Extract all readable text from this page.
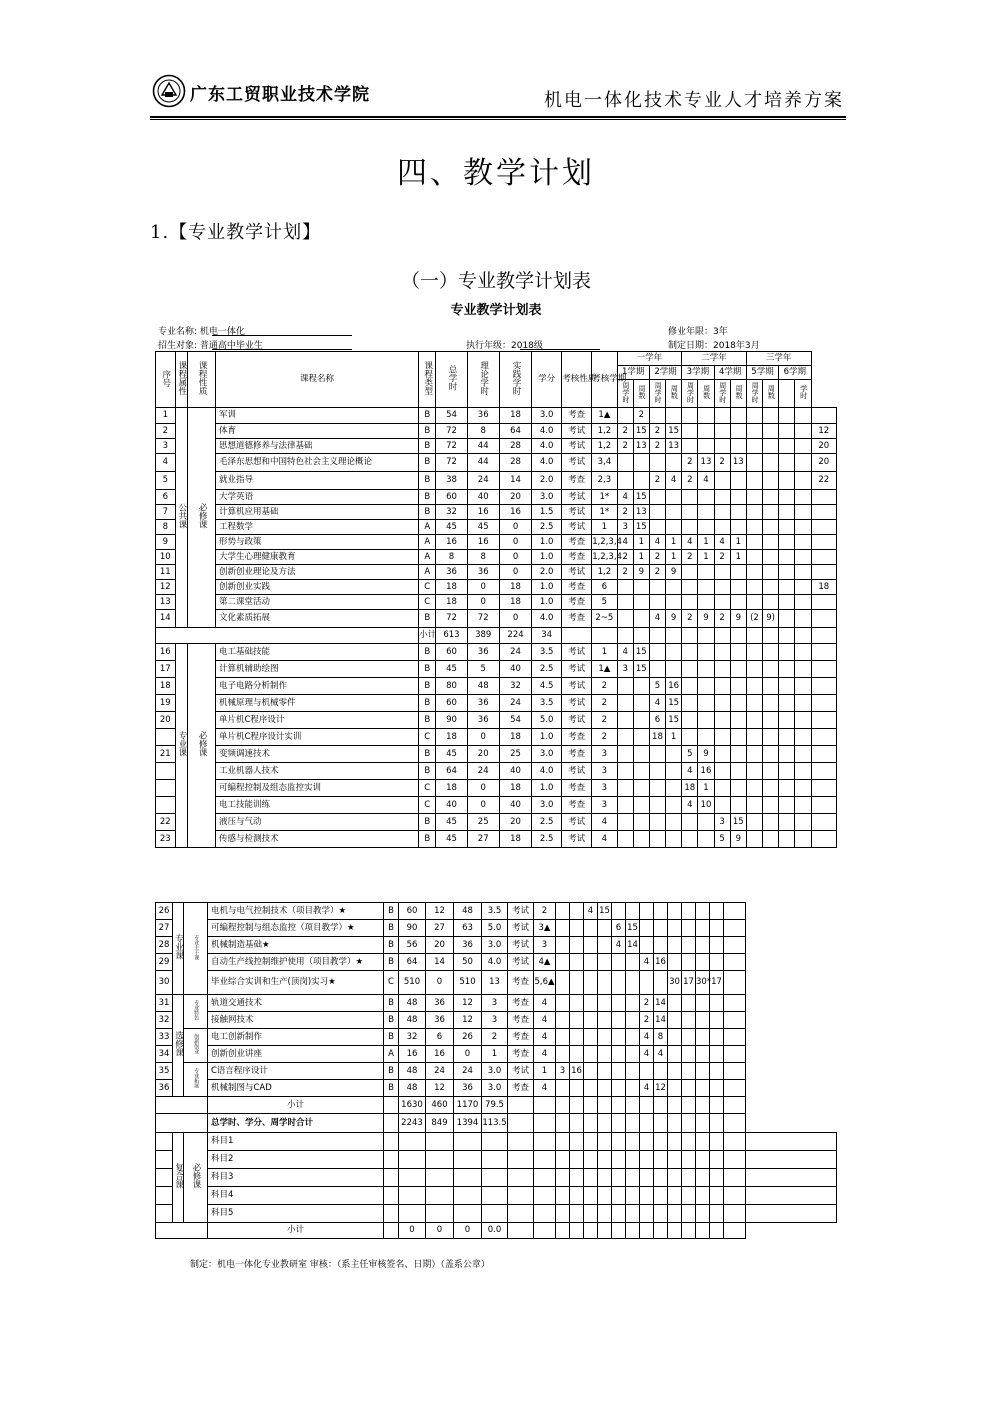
广东工贸职业技术学院	机电一体化技术专业人才培养方案
四、教学计划
1.【专业教学计划】
（一）专业教学计划表
专业教学计划表
专业名称: 机电一体化	修业年限：3年
招生对象: 普通高中毕业生	执行年级：2018级	制定日期：2018年3月
序号	课程属性	课程性质	课程名称	课程类型	总学时	理论学时	实践学时	学分	考核性质	考核学期	一学年				二学年				三学年				
											1学期		2学期		3学期		4学期		5学期		6学期		
											周学时	周数	周学时	周数	周学时	周数	周学时	周数	周学时	周数		学时	
1	公共课	必修课	军训	B	54	36	18	3.0	考查	1▲		2											
2			体育	B	72	8	64	4.0	考试	1,2	2	15	2	15									12
3			思想道德修养与法律基础	B	72	44	28	4.0	考试	1,2	2	13	2	13									20
4			毛泽东思想和中国特色社会主义理论概论	B	72	44	28	4.0	考试	3,4					2	13	2	13					20
5			就业指导	B	38	24	14	2.0	考查	2,3			2	4	2	4							22
6			大学英语	B	60	40	20	3.0	考试	1*	4	15											
7			计算机应用基础	B	32	16	16	1.5	考试	1*	2	13											
8			工程数学	A	45	45	0	2.5	考试	1	3	15											
9			形势与政策	A	16	16	0	1.0	考查	1,2,3,4	4	1	4	1	4	1	4	1					
10			大学生心理健康教育	A	8	8	0	1.0	考查	1,2,3,4	2	1	2	1	2	1	2	1					
11			创新创业理论及方法	A	36	36	0	2.0	考试	1,2	2	9	2	9									
12			创新创业实践	C	18	0	18	1.0	考查	6													18
13			第二课堂活动	C	18	0	18	1.0	考查	5													
14			文化素质拓展	B	72	72	0	4.0	考查	2~5			4	9	2	9	2	9	(2	9)			
				小计	613	389	224	34															
16	专业课	必修课	电工基础技能	B	60	36	24	3.5	考试	1	4	15											
17			计算机辅助绘图	B	45	5	40	2.5	考试	1▲	3	15											
18			电子电路分析制作	B	80	48	32	4.5	考试	2			5	16									
19			机械原理与机械零件	B	60	36	24	3.5	考试	2			4	15									
20			单片机C程序设计	B	90	36	54	5.0	考试	2			6	15									
			单片机C程序设计实训	C	18	0	18	1.0	考查	2			18	1									
21			变频调速技术	B	45	20	25	3.0	考查	3					5	9							
			工业机器人技术	B	64	24	40	4.0	考试	3					4	16							
			可编程控制及组态监控实训	C	18	0	18	1.0	考查	3					18	1							
			电工技能训练	C	40	0	40	3.0	考查	3					4	10							
22			液压与气动	B	45	25	20	2.5	考试	4							3	15					
23			传感与检测技术	B	45	27	18	2.5	考试	4							5	9					
26	专业课	专业主干课	电机与电气控制技术（项目教学）★	B	60	12	48	3.5	考试	2			4	15										
27			可编程控制与组态监控（项目教学）★	B	90	27	63	5.0	考试	3▲					6	15								
28			机械制造基础★	B	56	20	36	3.0	考试	3					4	14								
29			自动生产线控制维护使用（项目教学）★	B	64	14	50	4.0	考试	4▲							4	16						
30			毕业综合实训和生产(顶岗)实习★	C	510	0	510	13	考查	5,6▲									30	17	30*17			
31	选修课	专业特色	轨道交通技术	B	48	36	12	3	考查	4							2	14						
32			接触网技术	B	48	36	12	3	考查	4							2	14						
33		创新创业	电工创新制作	B	32	6	26	2	考查	4							4	8						
34			创新创业讲座	A	16	16	0	1	考查	4							4	4						
35		专业拓展	C语言程序设计	B	48	24	24	3.0	考试	1	3	16												
36			机械制图与CAD	B	48	12	36	3.0	考查	4							4	12						
			小计		1630	460	1170	79.5																
			总学时、学分、周学时合计		2243	849	1394	113.5																
	复合课	必修课	科目1																					
			科目2																					
			科目3																					
			科目4																					
			科目5																					
			小计		0	0	0	0.0																
制定：机电一体化专业教研室 审核：（系主任审核签名、日期）（盖系公章）
